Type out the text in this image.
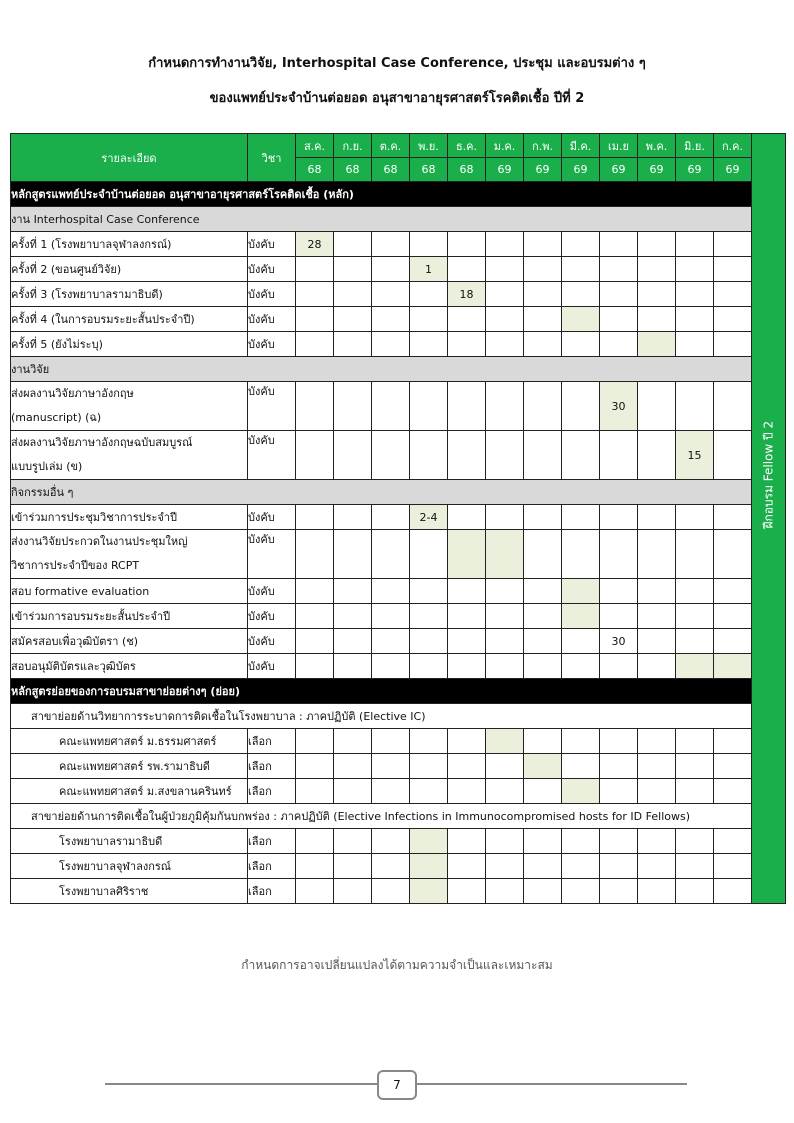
กำหนดการทำงานวิจัย, Interhospital Case Conference, ประชุม และอบรมต่าง ๆ
ของแพทย์ประจำบ้านต่อยอด อนุสาขาอายุรศาสตร์โรคติดเชื้อ ปีที่ 2
รายละเอียด	วิชา	ส.ค.	ก.ย.	ต.ค.	พ.ย.	ธ.ค.	ม.ค.	ก.พ.	มี.ค.	เม.ย	พ.ค.	มิ.ย.	ก.ค.	ฝึกอบรม Fellow ปี 2

		68	68	68	68	68	69	69	69	69	69	69	69	
หลักสูตรแพทย์ประจำบ้านต่อยอด อนุสาขาอายุรศาสตร์โรคติดเชื้อ (หลัก)														
งาน Interhospital Case Conference														
ครั้งที่ 1 (โรงพยาบาลจุฬาลงกรณ์)	บังคับ	28												
ครั้งที่ 2 (ขอนศูนย์วิจัย)	บังคับ				1									
ครั้งที่ 3 (โรงพยาบาลรามาธิบดี)	บังคับ					18								
ครั้งที่ 4 (ในการอบรมระยะสั้นประจำปี)	บังคับ													
ครั้งที่ 5 (ยังไม่ระบุ)	บังคับ													
งานวิจัย														

ส่งผลงานวิจัยภาษาอังกฤษ
(manuscript) (ฉ)	บังคับ									30				

ส่งผลงานวิจัยภาษาอังกฤษฉบับสมบูรณ์
แบบรูปเล่ม (ข)	บังคับ											15		
กิจกรรมอื่น ๆ														
เข้าร่วมการประชุมวิชาการประจำปี	บังคับ				2-4									

ส่งงานวิจัยประกวดในงานประชุมใหญ่
วิชาการประจำปีของ RCPT	บังคับ													
สอบ formative evaluation	บังคับ													
เข้าร่วมการอบรมระยะสั้นประจำปี	บังคับ													
สมัครสอบเพื่อวุฒิบัตรา (ช)	บังคับ									30				
สอบอนุมัติบัตรและวุฒิบัตร	บังคับ													
หลักสูตรย่อยของการอบรมสาขาย่อยต่างๆ (ย่อย)														
สาขาย่อยด้านวิทยาการระบาดการติดเชื้อในโรงพยาบาล : ภาคปฏิบัติ (Elective IC)														
คณะแพทยศาสตร์ ม.ธรรมศาสตร์	เลือก													
คณะแพทยศาสตร์ รพ.รามาธิบดี	เลือก													
คณะแพทยศาสตร์ ม.สงขลานครินทร์	เลือก													
สาขาย่อยด้านการติดเชื้อในผู้ป่วยภูมิคุ้มกันบกพร่อง : ภาคปฏิบัติ (Elective Infections in Immunocompromised hosts for ID Fellows)														
โรงพยาบาลรามาธิบดี	เลือก													
โรงพยาบาลจุฬาลงกรณ์	เลือก													
โรงพยาบาลศิริราช	เลือก													
กำหนดการอาจเปลี่ยนแปลงได้ตามความจำเป็นและเหมาะสม
7
